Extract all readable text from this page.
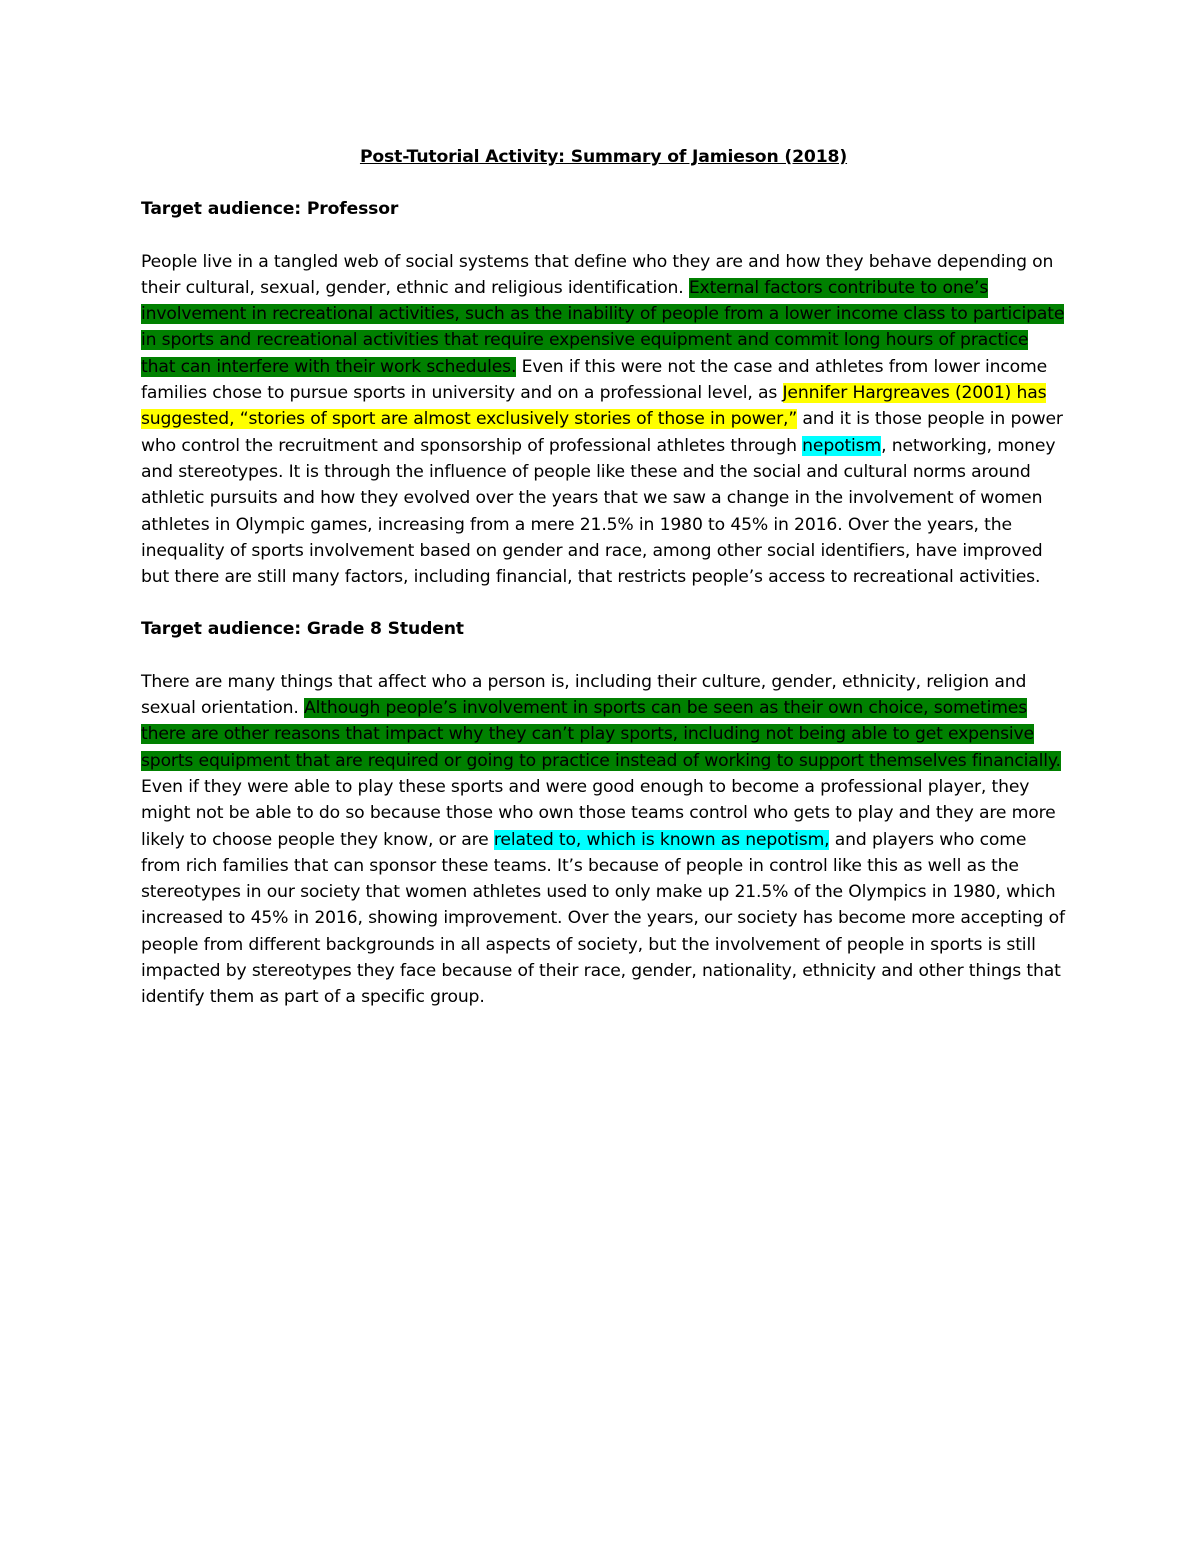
Post-Tutorial Activity: Summary of Jamieson (2018)
Target audience: Professor

People live in a tangled web of social systems that define who they are and how they behave depending on their cultural, sexual, gender, ethnic and religious identification. External factors contribute to one’s involvement in recreational activities, such as the inability of people from a lower income class to participate in sports and recreational activities that require expensive equipment and commit long hours of practice that can interfere with their work schedules. Even if this were not the case and athletes from lower income families chose to pursue sports in university and on a professional level, as Jennifer Hargreaves (2001) has suggested, “stories of sport are almost exclusively stories of those in power,” and it is those people in power who control the recruitment and sponsorship of professional athletes through nepotism, networking, money and stereotypes. It is through the influence of people like these and the social and cultural norms around athletic pursuits and how they evolved over the years that we saw a change in the involvement of women athletes in Olympic games, increasing from a mere 21.5% in 1980 to 45% in 2016. Over the years, the inequality of sports involvement based on gender and race, among other social identifiers, have improved but there are still many factors, including financial, that restricts people’s access to recreational activities.

Target audience: Grade 8 Student

There are many things that affect who a person is, including their culture, gender, ethnicity, religion and sexual orientation. Although people’s involvement in sports can be seen as their own choice, sometimes there are other reasons that impact why they can’t play sports, including not being able to get expensive sports equipment that are required or going to practice instead of working to support themselves financially. Even if they were able to play these sports and were good enough to become a professional player, they might not be able to do so because those who own those teams control who gets to play and they are more likely to choose people they know, or are related to, which is known as nepotism, and players who come from rich families that can sponsor these teams. It’s because of people in control like this as well as the stereotypes in our society that women athletes used to only make up 21.5% of the Olympics in 1980, which increased to 45% in 2016, showing improvement. Over the years, our society has become more accepting of people from different backgrounds in all aspects of society, but the involvement of people in sports is still impacted by stereotypes they face because of their race, gender, nationality, ethnicity and other things that identify them as part of a specific group.
